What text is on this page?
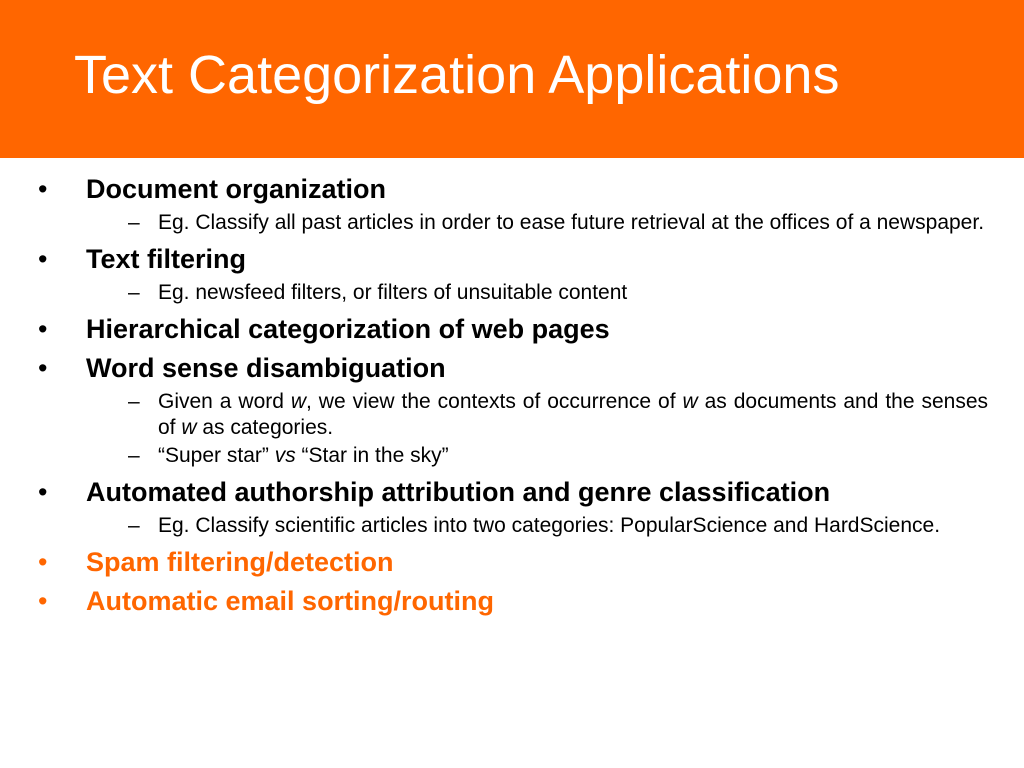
Text Categorization Applications
• Document organization
– Eg. Classify all past articles in order to ease future retrieval at the offices of a newspaper.
• Text filtering
– Eg. newsfeed filters, or filters of unsuitable content
• Hierarchical categorization of web pages
• Word sense disambiguation
– Given a word w, we view the contexts of occurrence of w as documents and the senses of w as categories.
– “Super star” vs “Star in the sky”
• Automated authorship attribution and genre classification
– Eg. Classify scientific articles into two categories: PopularScience and HardScience.
• Spam filtering/detection
• Automatic email sorting/routing
